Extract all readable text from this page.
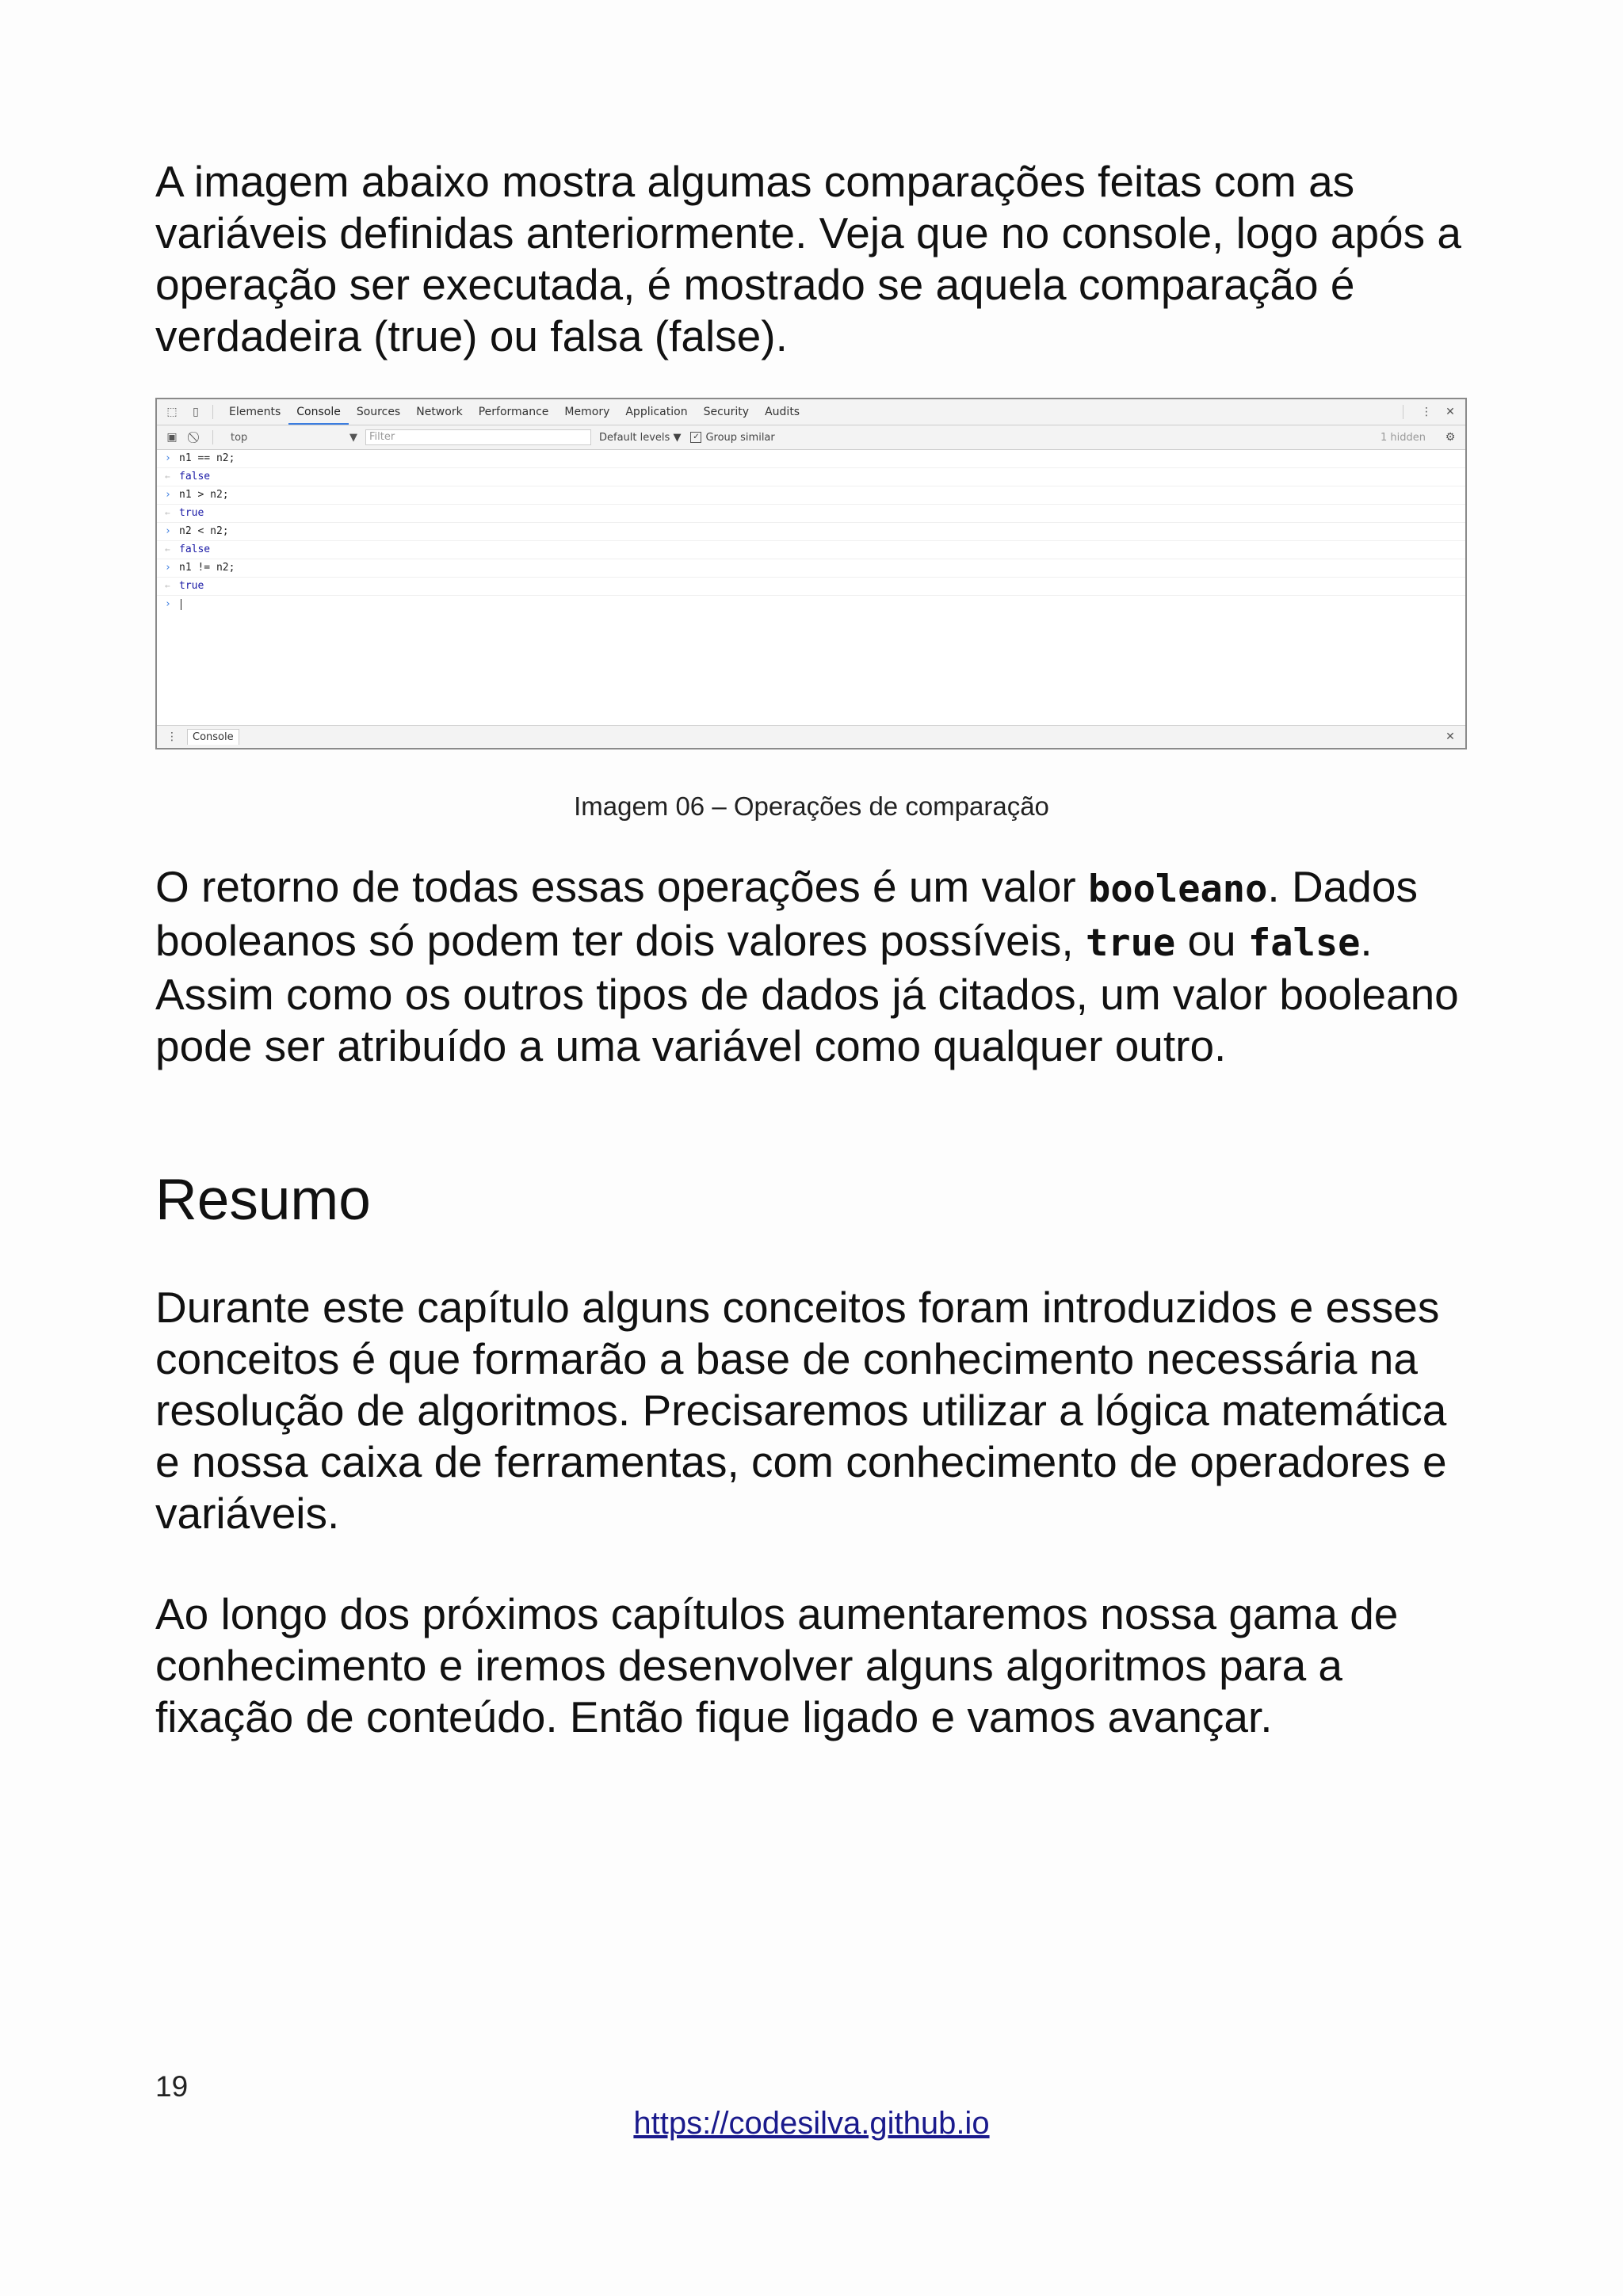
A imagem abaixo mostra algumas comparações feitas com as variáveis definidas anteriormente. Veja que no console, logo após a operação ser executada, é mostrado se aquela comparação é verdadeira (true) ou falsa (false).

⬚	▯	Elements	Console	Sources	Network	Performance	Memory	Application	Security	Audits	⋮	✕
▣	top	▼	Filter	Default levels ▼ ✓ Group similar	1 hidden	⚙
› n1 == n2;
← false
› n1 > n2;
← true
› n2 < n2;
← false
› n1 != n2;
← true
›
⋮	Console	✕
Imagem 06 – Operações de comparação

O retorno de todas essas operações é um valor booleano. Dados booleanos só podem ter dois valores possíveis, true ou false. Assim como os outros tipos de dados já citados, um valor booleano pode ser atribuído a uma variável como qualquer outro.

Resumo

Durante este capítulo alguns conceitos foram introduzidos e esses conceitos é que formarão a base de conhecimento necessária na resolução de algoritmos. Precisaremos utilizar a lógica matemática e nossa caixa de ferramentas, com conhecimento de operadores e variáveis.

Ao longo dos próximos capítulos aumentaremos nossa gama de conhecimento e iremos desenvolver alguns algoritmos para a fixação de conteúdo. Então fique ligado e vamos avançar.

19
https://codesilva.github.io
